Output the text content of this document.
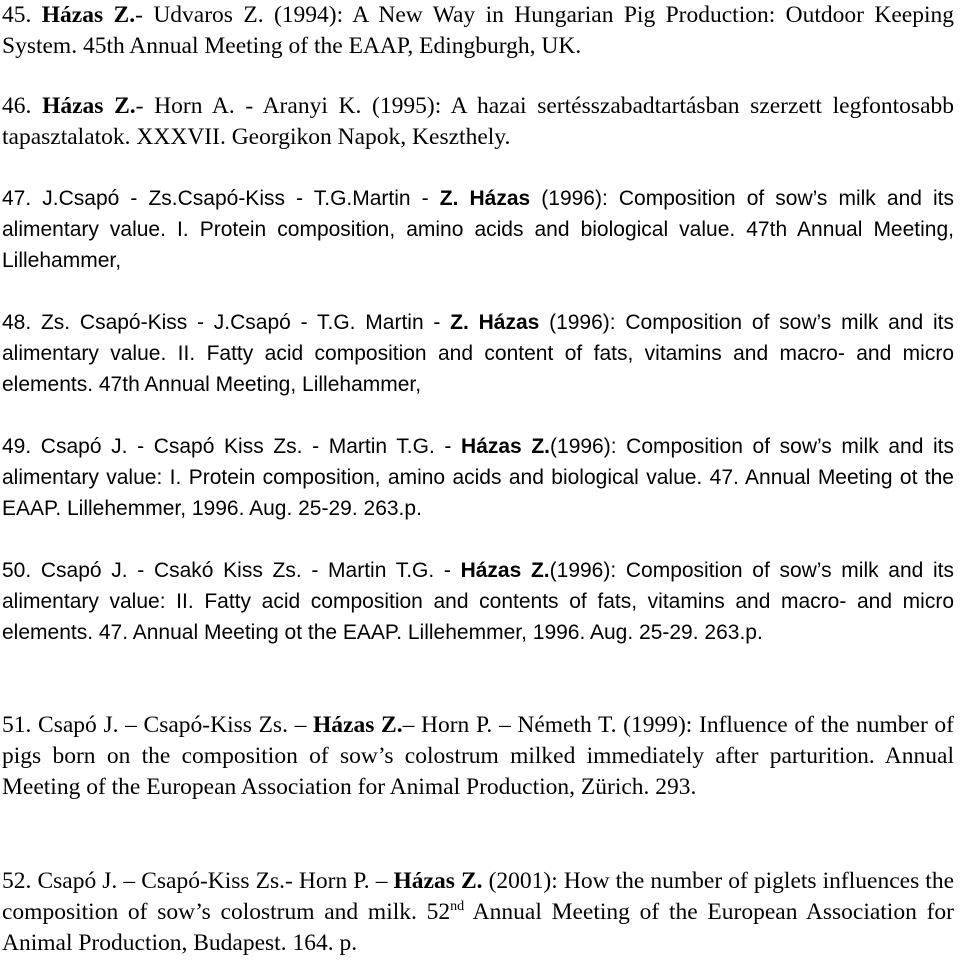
45. Házas Z.- Udvaros Z. (1994): A New Way in Hungarian Pig Production: Outdoor Keeping System. 45th Annual Meeting of the EAAP, Edingburgh, UK.

46. Házas Z.- Horn A. - Aranyi K. (1995): A hazai sertésszabadtartásban szerzett legfontosabb tapasztalatok. XXXVII. Georgikon Napok, Keszthely.

47. J.Csapó - Zs.Csapó-Kiss - T.G.Martin - Z. Házas (1996): Composition of sow’s milk and its alimentary value. I. Protein composition, amino acids and biological value. 47th Annual Meeting, Lillehammer,

48. Zs. Csapó-Kiss - J.Csapó - T.G. Martin - Z. Házas (1996): Composition of sow’s milk and its alimentary value. II. Fatty acid composition and content of fats, vitamins and macro- and micro elements. 47th Annual Meeting, Lillehammer,

49. Csapó J. - Csapó Kiss Zs. - Martin T.G. - Házas Z.(1996): Composition of sow’s milk and its alimentary value: I. Protein composition, amino acids and biological value. 47. Annual Meeting ot the EAAP. Lillehemmer, 1996. Aug. 25-29. 263.p.

50. Csapó J. - Csakó Kiss Zs. - Martin T.G. - Házas Z.(1996): Composition of sow’s milk and its alimentary value: II. Fatty acid composition and contents of fats, vitamins and macro- and micro elements. 47. Annual Meeting ot the EAAP. Lillehemmer, 1996. Aug. 25-29. 263.p.

51. Csapó J. – Csapó-Kiss Zs. – Házas Z.– Horn P. – Németh T. (1999): Influence of the number of pigs born on the composition of sow’s colostrum milked immediately after parturition. Annual Meeting of the European Association for Animal Production, Zürich. 293.

52. Csapó J. – Csapó-Kiss Zs.- Horn P. – Házas Z. (2001): How the number of piglets influences the composition of sow’s colostrum and milk. 52nd Annual Meeting of the European Association for Animal Production, Budapest. 164. p.
